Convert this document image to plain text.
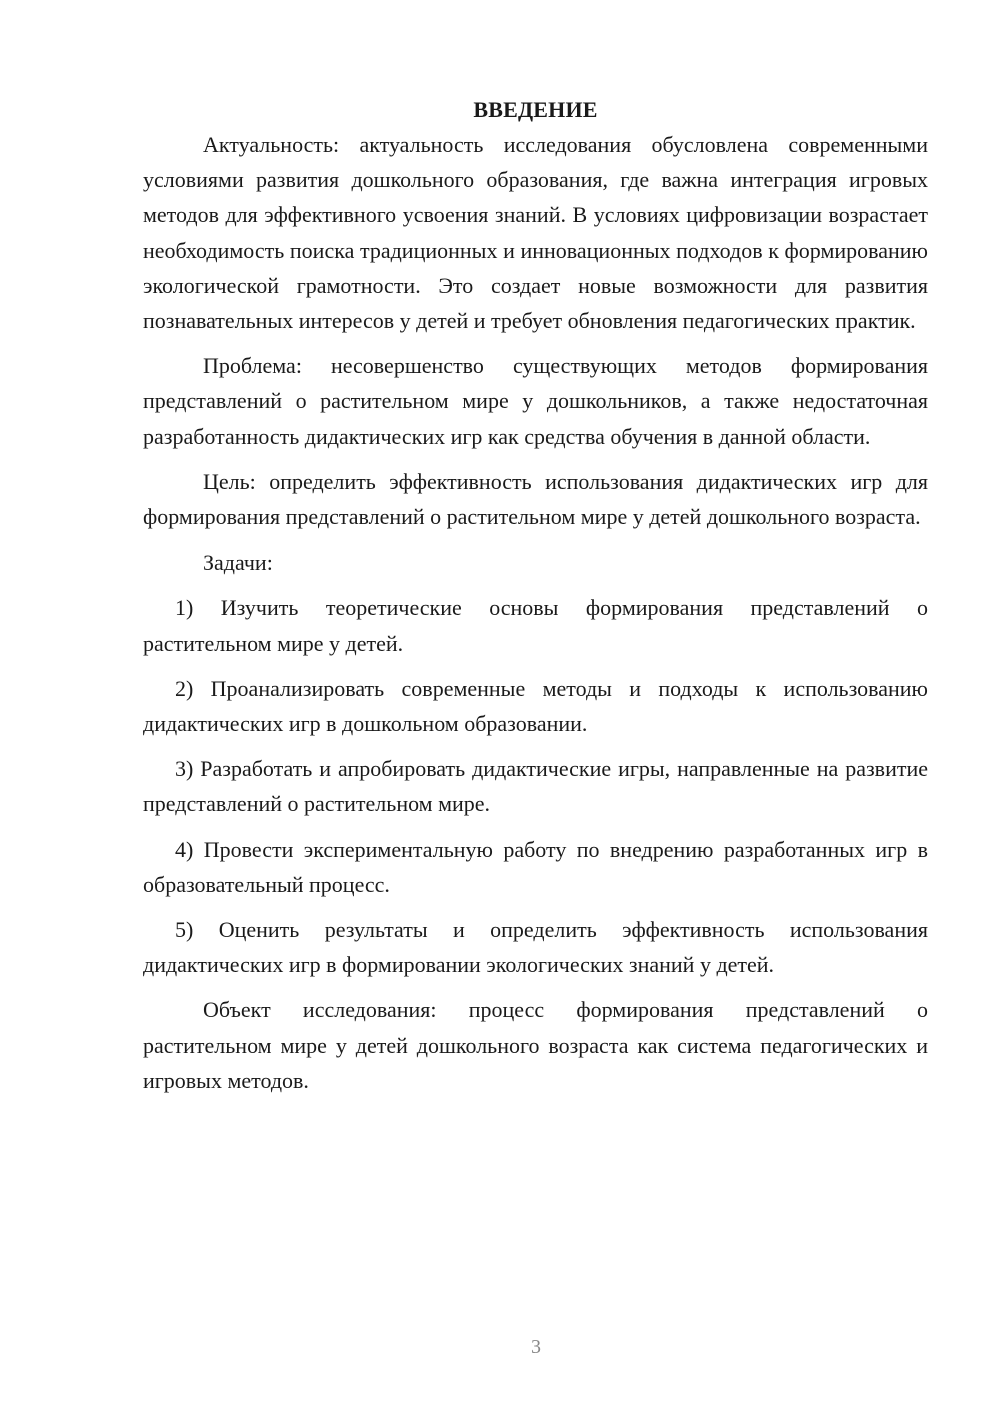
ВВЕДЕНИЕ

Актуальность: актуальность исследования обусловлена современными условиями развития дошкольного образования, где важна интеграция игровых методов для эффективного усвоения знаний. В условиях цифровизации возрастает необходимость поиска традиционных и инновационных подходов к формированию экологической грамотности. Это создает новые возможности для развития познавательных интересов у детей и требует обновления педагогических практик.

Проблема: несовершенство существующих методов формирования представлений о растительном мире у дошкольников, а также недостаточная разработанность дидактических игр как средства обучения в данной области.

Цель: определить эффективность использования дидактических игр для формирования представлений о растительном мире у детей дошкольного возраста.

Задачи:

1) Изучить теоретические основы формирования представлений о растительном мире у детей.

2) Проанализировать современные методы и подходы к использованию дидактических игр в дошкольном образовании.

3) Разработать и апробировать дидактические игры, направленные на развитие представлений о растительном мире.

4) Провести экспериментальную работу по внедрению разработанных игр в образовательный процесс.

5) Оценить результаты и определить эффективность использования дидактических игр в формировании экологических знаний у детей.

Объект исследования: процесс формирования представлений о растительном мире у детей дошкольного возраста как система педагогических и игровых методов.

3
